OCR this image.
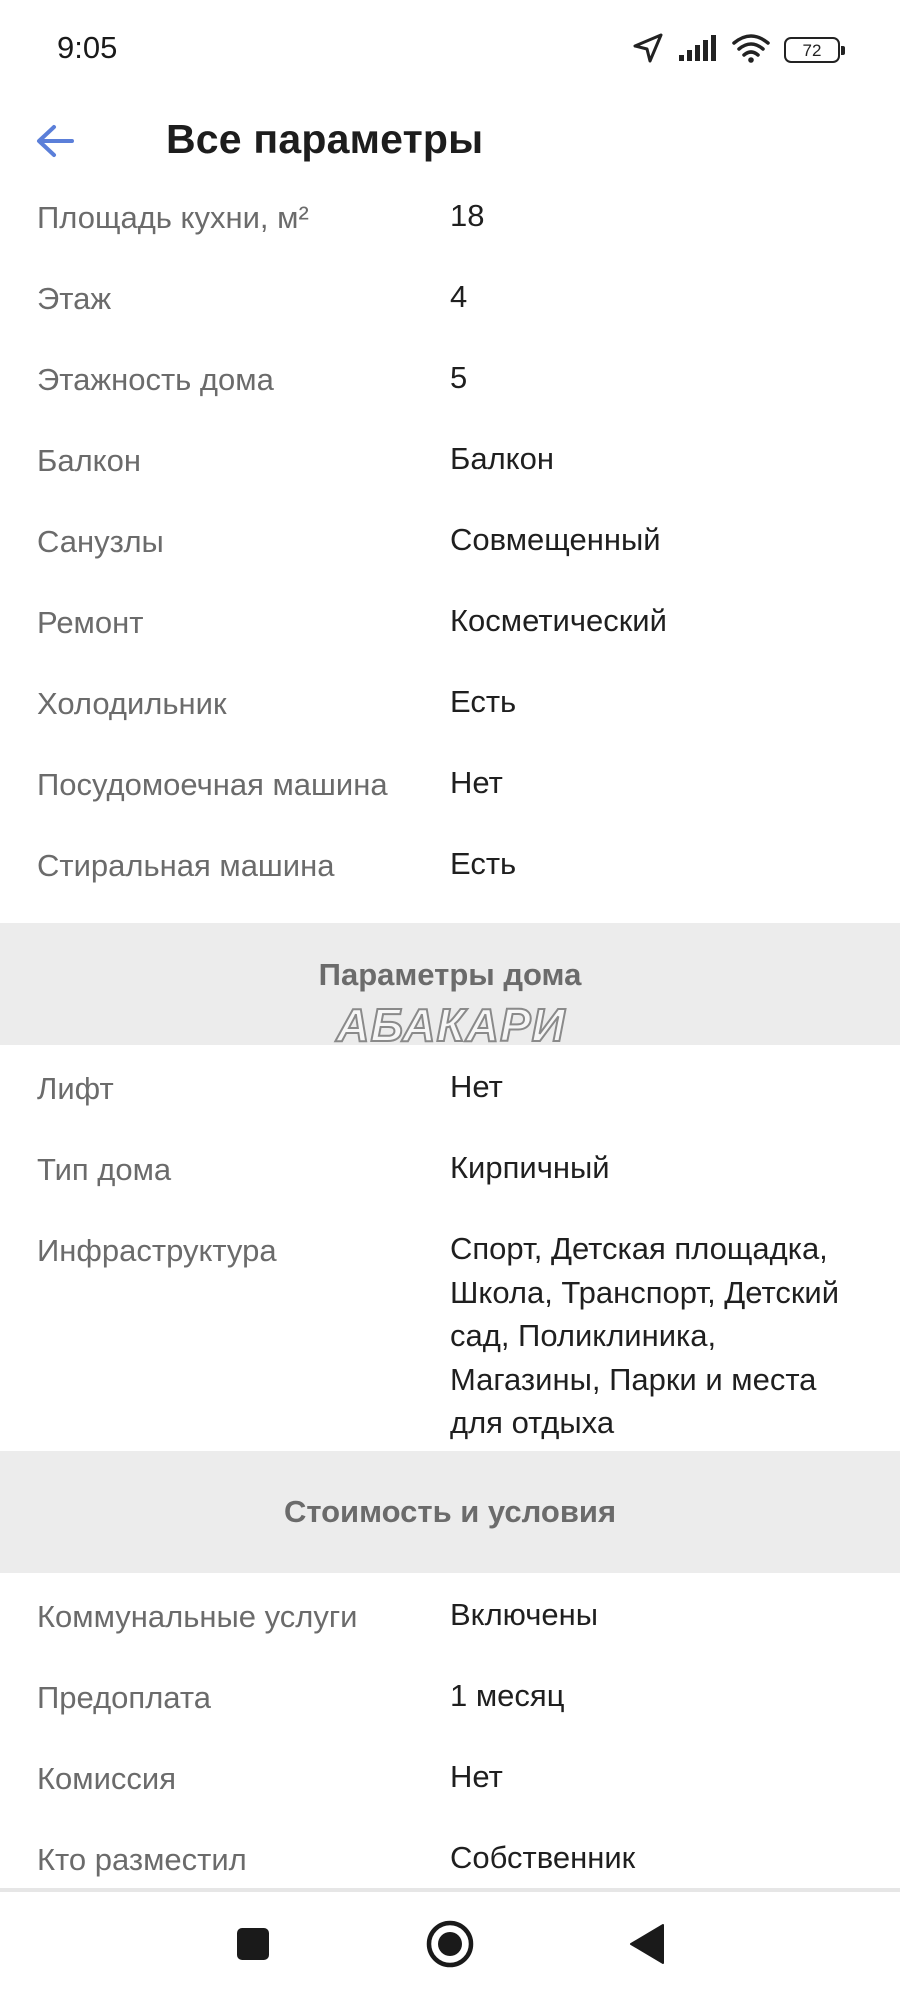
9:05	72
Все параметры
Площадь кухни, м²	18
Этаж	4
Этажность дома	5
Балкон	Балкон
Санузлы	Совмещенный
Ремонт	Косметический
Холодильник	Есть
Посудомоечная машина Нет
Стиральная машина	Есть
Параметры дома
АБАКАРИ
Лифт	Нет
Тип дома	Кирпичный
Инфраструктура	Спорт, Детская площадка, Школа, Транспорт, Детский сад, Поликлиника, Магазины, Парки и места для отдыха
Стоимость и условия
Коммунальные услуги	Включены
Предоплата	1 месяц
Комиссия	Нет
Кто разместил	Собственник
